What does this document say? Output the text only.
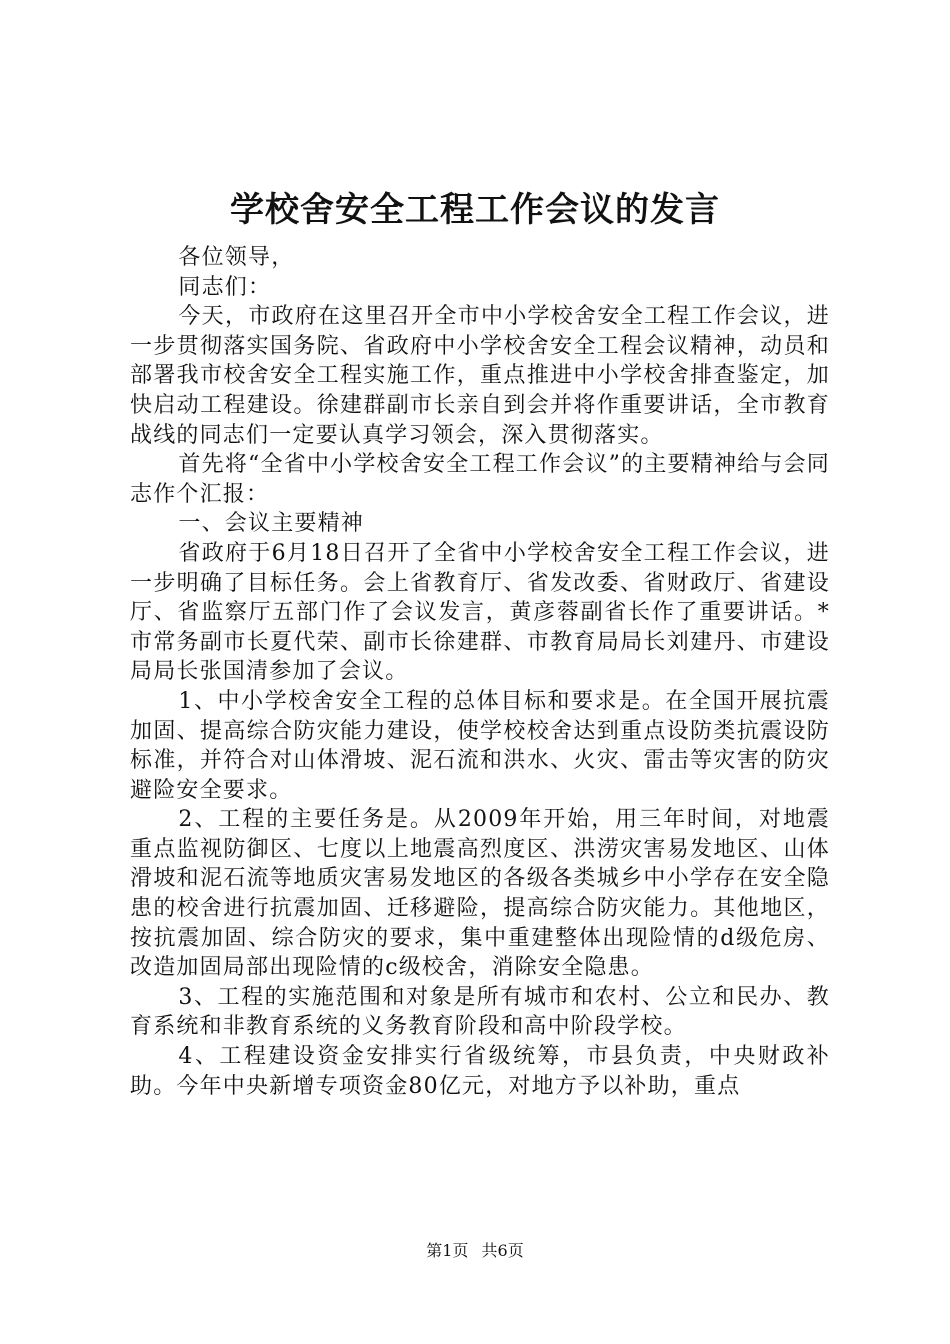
学校舍安全工程工作会议的发言

各位领导，

同志们：

今天，市政府在这里召开全市中小学校舍安全工程工作会议，进一步贯彻落实国务院、省政府中小学校舍安全工程会议精神，动员和部署我市校舍安全工程实施工作，重点推进中小学校舍排查鉴定，加快启动工程建设。徐建群副市长亲自到会并将作重要讲话，全市教育战线的同志们一定要认真学习领会，深入贯彻落实。

首先将“全省中小学校舍安全工程工作会议”的主要精神给与会同志作个汇报：

一、会议主要精神

省政府于6月18日召开了全省中小学校舍安全工程工作会议，进一步明确了目标任务。会上省教育厅、省发改委、省财政厅、省建设厅、省监察厅五部门作了会议发言，黄彦蓉副省长作了重要讲话。*市常务副市长夏代荣、副市长徐建群、市教育局局长刘建丹、市建设局局长张国清参加了会议。

1、中小学校舍安全工程的总体目标和要求是。在全国开展抗震加固、提高综合防灾能力建设，使学校校舍达到重点设防类抗震设防标准，并符合对山体滑坡、泥石流和洪水、火灾、雷击等灾害的防灾避险安全要求。

2、工程的主要任务是。从2009年开始，用三年时间，对地震重点监视防御区、七度以上地震高烈度区、洪涝灾害易发地区、山体滑坡和泥石流等地质灾害易发地区的各级各类城乡中小学存在安全隐患的校舍进行抗震加固、迁移避险，提高综合防灾能力。其他地区，按抗震加固、综合防灾的要求，集中重建整体出现险情的d级危房、改造加固局部出现险情的c级校舍，消除安全隐患。

3、工程的实施范围和对象是所有城市和农村、公立和民办、教育系统和非教育系统的义务教育阶段和高中阶段学校。

4、工程建设资金安排实行省级统筹，市县负责，中央财政补助。今年中央新增专项资金80亿元，对地方予以补助，重点

第1页 共6页
